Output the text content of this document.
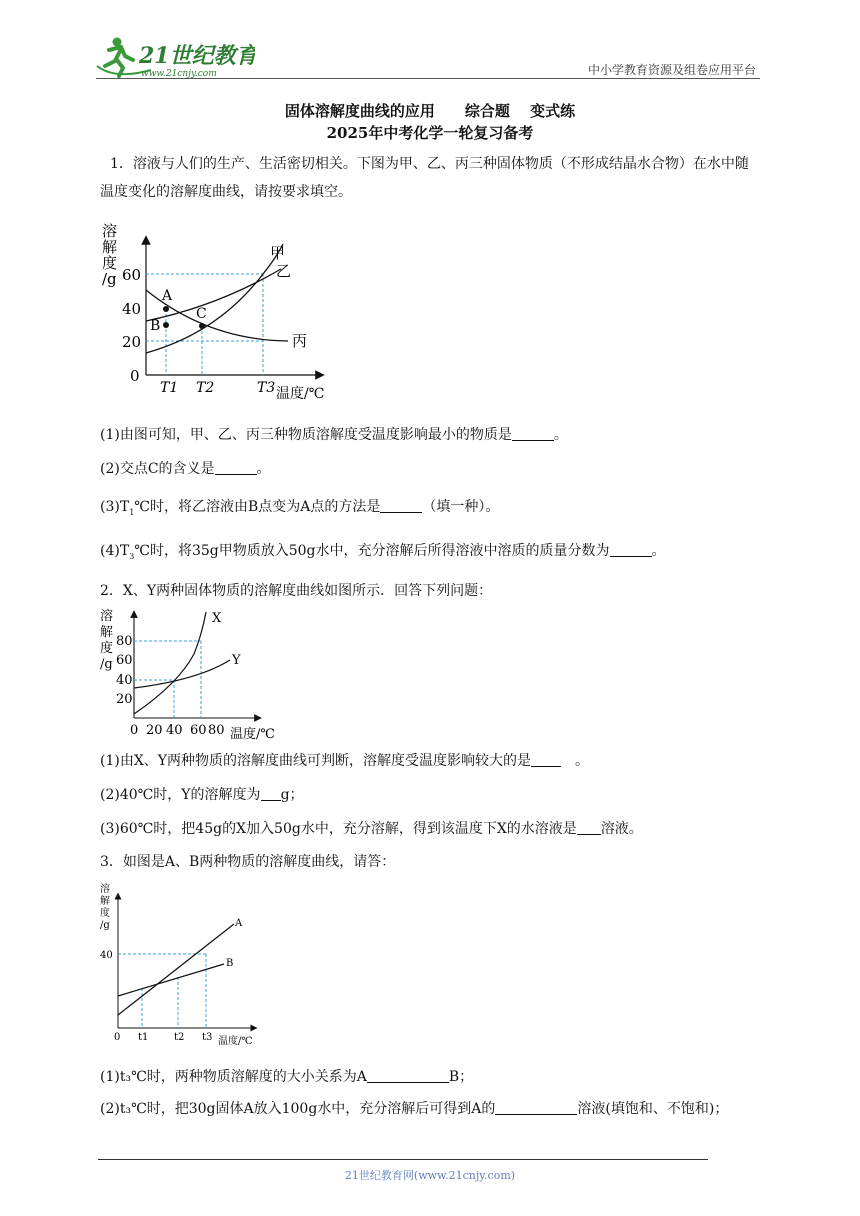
21世纪教育
www.21cnjy.com	中小学教育资源及组卷应用平台
固体溶解度曲线的应用　　综合题　 变式练
2025年中考化学一轮复习备考
1．溶液与人们的生产、生活密切相关。下图为甲、乙、丙三种固体物质（不形成结晶水合物）在水中随温度变化的溶解度曲线，请按要求填空。
溶
解
度
/g 60
40
20
0
A
B
C
甲
乙
丙
T1 T2	T3 温度/℃
(1)由图可知，甲、乙、丙三种物质溶解度受温度影响最小的物质是	。
(2)交点C的含义是	。
$(3)T_1℃$时，将乙溶液由B点变为A点的方法是	（填一种）。
$(4)T_3℃$时，将35g甲物质放入50g水中，充分溶解后所得溶液中溶质的质量分数为	。
2．X、Y两种固体物质的溶解度曲线如图所示．回答下列问题：
溶
解
度
/g
80
60
40
20
X
Y
0 20 40 60 80 温度/℃
(1)由X、Y两种物质的溶解度曲线可判断，溶解度受温度影响较大的是　	。
(2)40℃时，Y的溶解度为 g；
(3)60℃时，把45g的X加入50g水中，充分溶解，得到该温度下X的水溶液是 溶液。
3．如图是A、B两种物质的溶解度曲线，请答：
溶
解
度
/g
40
A
B
0 t1	t2 t3 温度/℃
(1)t₃℃时，两种物质溶解度的大小关系为A	B；
(2)t₃℃时，把30g固体A放入100g水中，充分溶解后可得到A的	溶液(填饱和、不饱和)；
21世纪教育网(www.21cnjy.com)
